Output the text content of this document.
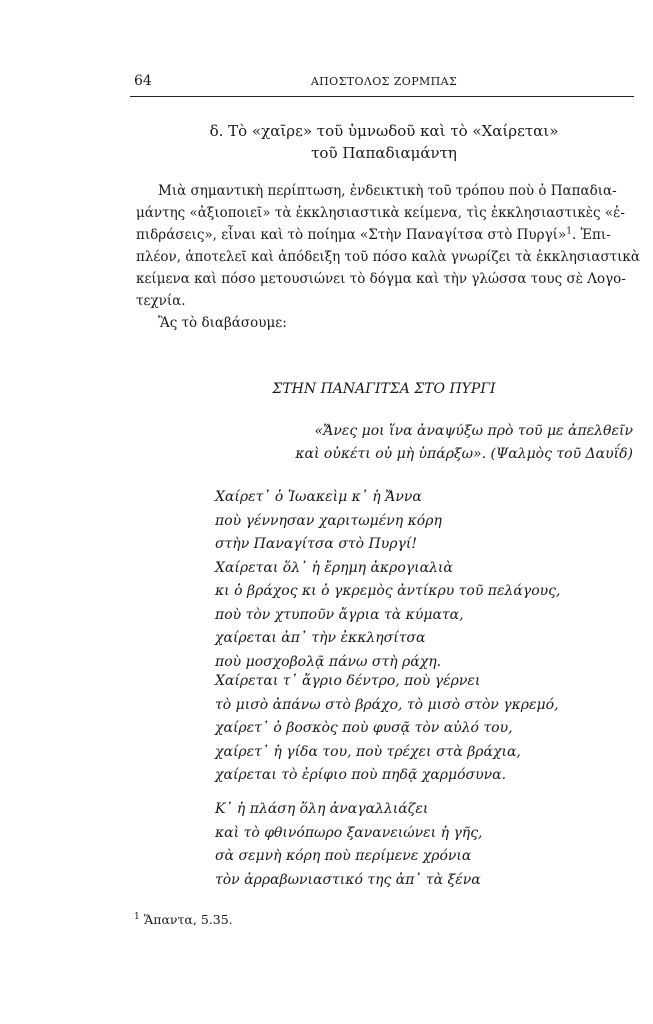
64	ΑΠΟΣΤΟΛΟΣ ΖΟΡΜΠΑΣ
δ. Τὸ «χαῖρε» τοῦ ὑμνωδοῦ καὶ τὸ «Χαίρεται»
τοῦ Παπαδιαμάντη
Μιὰ σημαντικὴ περίπτωση, ἐνδεικτικὴ τοῦ τρόπου ποὺ ὁ Παπαδια-
μάντης «ἀξιοποιεῖ» τὰ ἐκκλησιαστικὰ κείμενα, τὶς ἐκκλησιαστικὲς «ἐ-
πιδράσεις», εἶναι καὶ τὸ ποίημα «Στὴν Παναγίτσα στὸ Πυργί»$^1$. Ἐπι-
πλέον, ἀποτελεῖ καὶ ἀπόδειξη τοῦ πόσο καλὰ γνωρίζει τὰ ἐκκλησιαστικὰ
κείμενα καὶ πόσο μετουσιώνει τὸ δόγμα καὶ τὴν γλώσσα τους σὲ Λογο-
τεχνία.
Ἂς τὸ διαβάσουμε:
ΣΤΗΝ ΠΑΝΑΓΙΤΣΑ ΣΤΟ ΠΥΡΓΙ
«Ἄνες μοι ἵνα ἀναψύξω πρὸ τοῦ με ἀπελθεῖν
καὶ οὐκέτι οὐ μὴ ὑπάρξω». (Ψαλμὸς τοῦ Δαυΐδ)
Χαίρετ᾿ ὁ Ἰωακεὶμ κ᾿ ἡ Ἄννα
ποὺ γέννησαν χαριτωμένη κόρη
στὴν Παναγίτσα στὸ Πυργί!
Χαίρεται ὅλ᾿ ἡ ἔρημη ἀκρογιαλιὰ
κι ὁ βράχος κι ὁ γκρεμὸς ἀντίκρυ τοῦ πελάγους,
ποὺ τὸν χτυποῦν ἄγρια τὰ κύματα,
χαίρεται ἀπ᾿ τὴν ἐκκλησίτσα
ποὺ μοσχοβολᾷ πάνω στὴ ράχη.
Χαίρεται τ᾿ ἄγριο δέντρο, ποὺ γέρνει
τὸ μισὸ ἀπάνω στὸ βράχο, τὸ μισὸ στὸν γκρεμό,
χαίρετ᾿ ὁ βοσκὸς ποὺ φυσᾷ τὸν αὐλό του,
χαίρετ᾿ ἡ γίδα του, ποὺ τρέχει στὰ βράχια,
χαίρεται τὸ ἐρίφιο ποὺ πηδᾷ χαρμόσυνα.
Κ᾿ ἡ πλάση ὅλη ἀναγαλλιάζει
καὶ τὸ φθινόπωρο ξανανειώνει ἡ γῆς,
σὰ σεμνὴ κόρη ποὺ περίμενε χρόνια
τὸν ἀρραβωνιαστικό της ἀπ᾿ τὰ ξένα
$^1$ Ἅπαντα, 5.35.
